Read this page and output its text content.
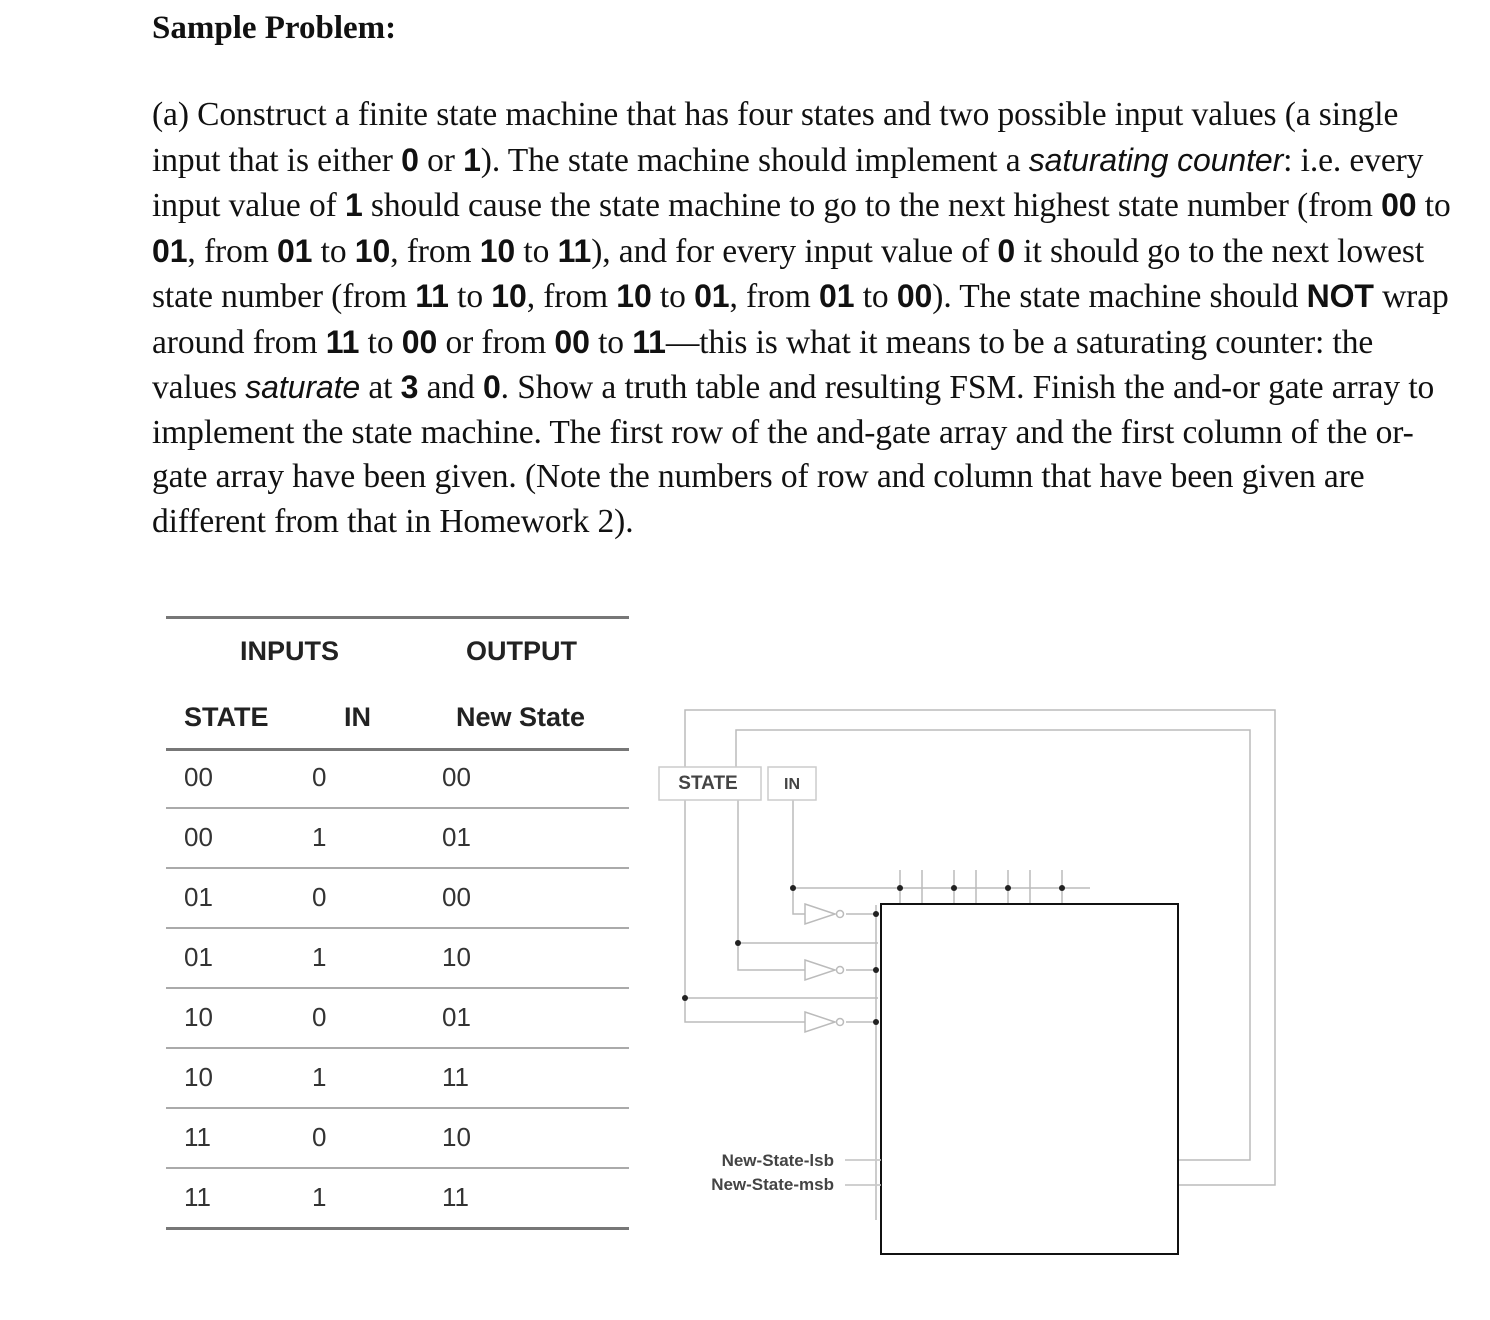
Sample Problem:
(a) Construct a finite state machine that has four states and two possible input values (a single input that is either 0 or 1). The state machine should implement a saturating counter: i.e. every input value of 1 should cause the state machine to go to the next highest state number (from 00 to 01, from 01 to 10, from 10 to 11), and for every input value of 0 it should go to the next lowest state number (from 11 to 10, from 10 to 01, from 01 to 00). The state machine should NOT wrap around from 11 to 00 or from 00 to 11—this is what it means to be a saturating counter: the values saturate at 3 and 0. Show a truth table and resulting FSM. Finish the and-or gate array to implement the state machine. The first row of the and-gate array and the first column of the or-gate array have been given. (Note the numbers of row and column that have been given are different from that in Homework 2).
INPUTS	OUTPUT
STATE	IN	New State
00	0	00
00	1	01
01	0	00
01	1	10
10	0	01
10	1	11
11	0	10
11	1	11
STATE	IN
New-State-lsb
New-State-msb
